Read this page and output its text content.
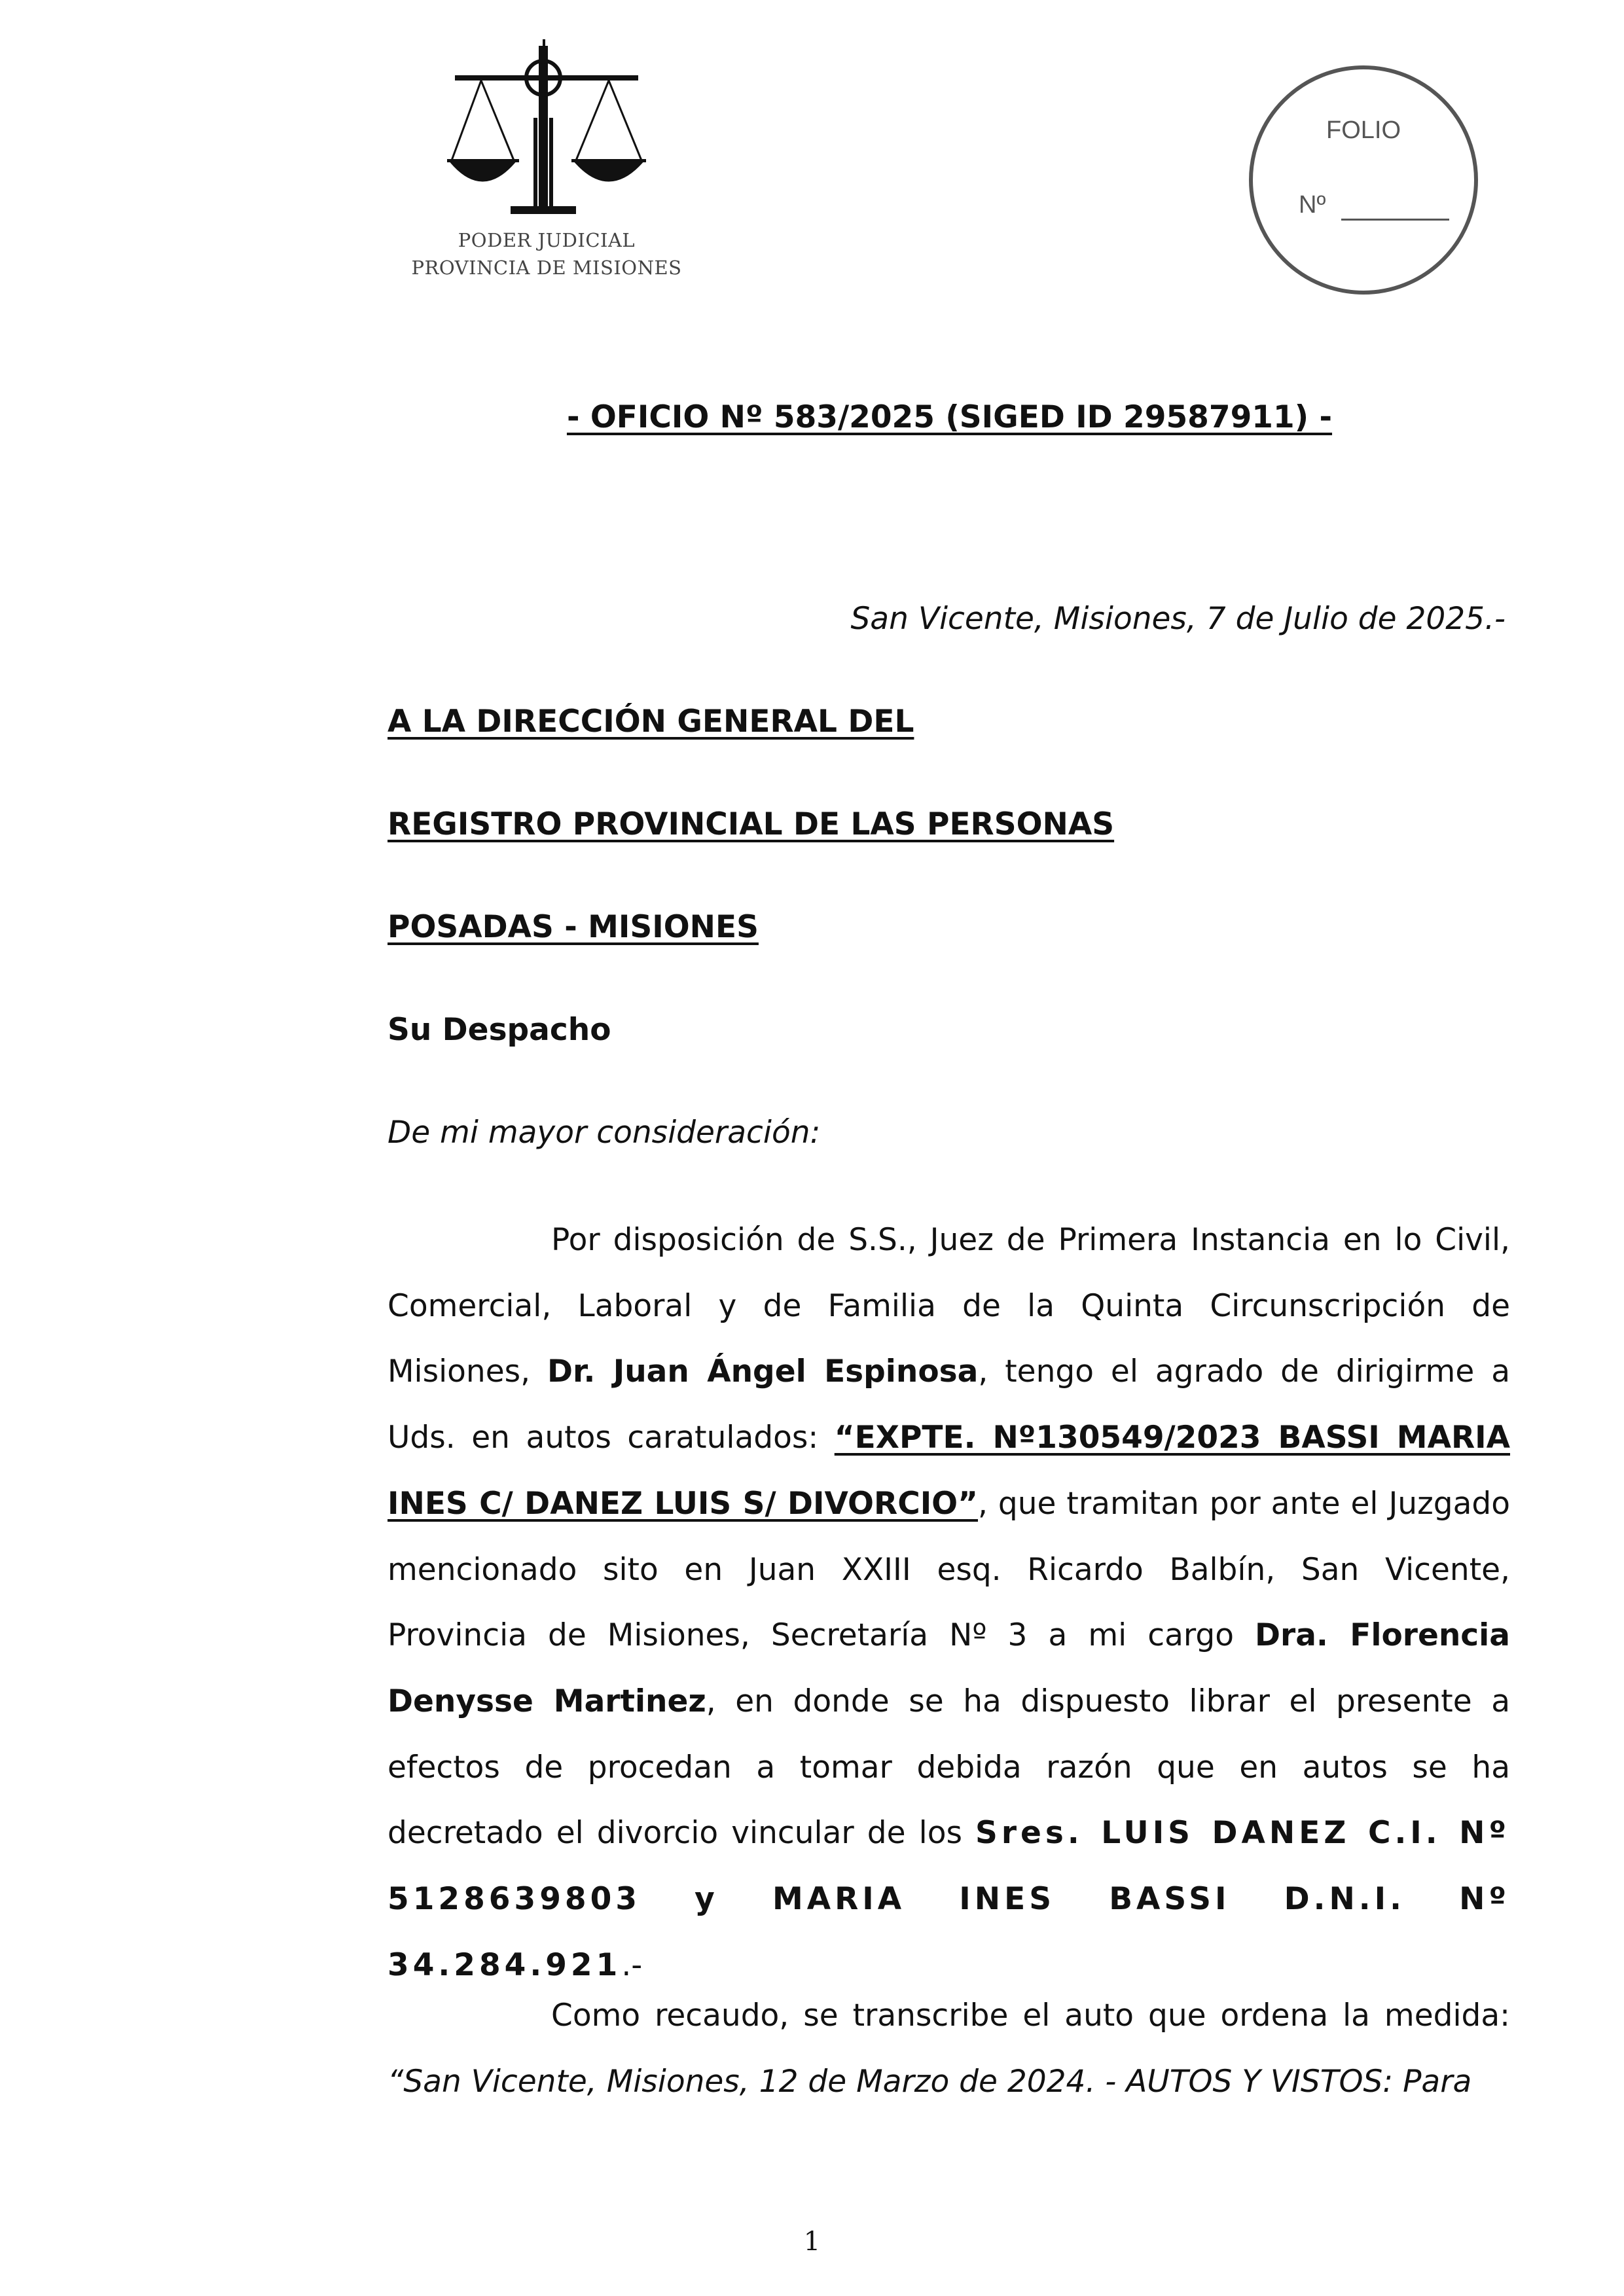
PODER JUDICIAL
PROVINCIA DE MISIONES
FOLIO
Nº
- OFICIO Nº 583/2025 (SIGED ID 29587911) -
San Vicente, Misiones, 7 de Julio de 2025.-
A LA DIRECCIÓN GENERAL DEL
REGISTRO PROVINCIAL DE LAS PERSONAS
POSADAS - MISIONES
Su Despacho
De mi mayor consideración:
Por disposición de S.S., Juez de Primera Instancia en lo Civil, Comercial, Laboral y de Familia de la Quinta Circunscripción de Misiones, Dr. Juan Ángel Espinosa, tengo el agrado de dirigirme a Uds. en autos caratulados: “EXPTE. Nº130549/2023 BASSI MARIA INES C/ DANEZ LUIS S/ DIVORCIO”, que tramitan por ante el Juzgado mencionado sito en Juan XXIII esq. Ricardo Balbín, San Vicente, Provincia de Misiones, Secretaría Nº 3 a mi cargo Dra. Florencia Denysse Martinez, en donde se ha dispuesto librar el presente a efectos de procedan a tomar debida razón que en autos se ha decretado el divorcio vincular de los Sres. LUIS DANEZ C.I. Nº 5128639803 y MARIA INES BASSI D.N.I. Nº 34.284.921.-
Como recaudo, se transcribe el auto que ordena la medida: “San Vicente, Misiones, 12 de Marzo de 2024. - AUTOS Y VISTOS: Para
1
